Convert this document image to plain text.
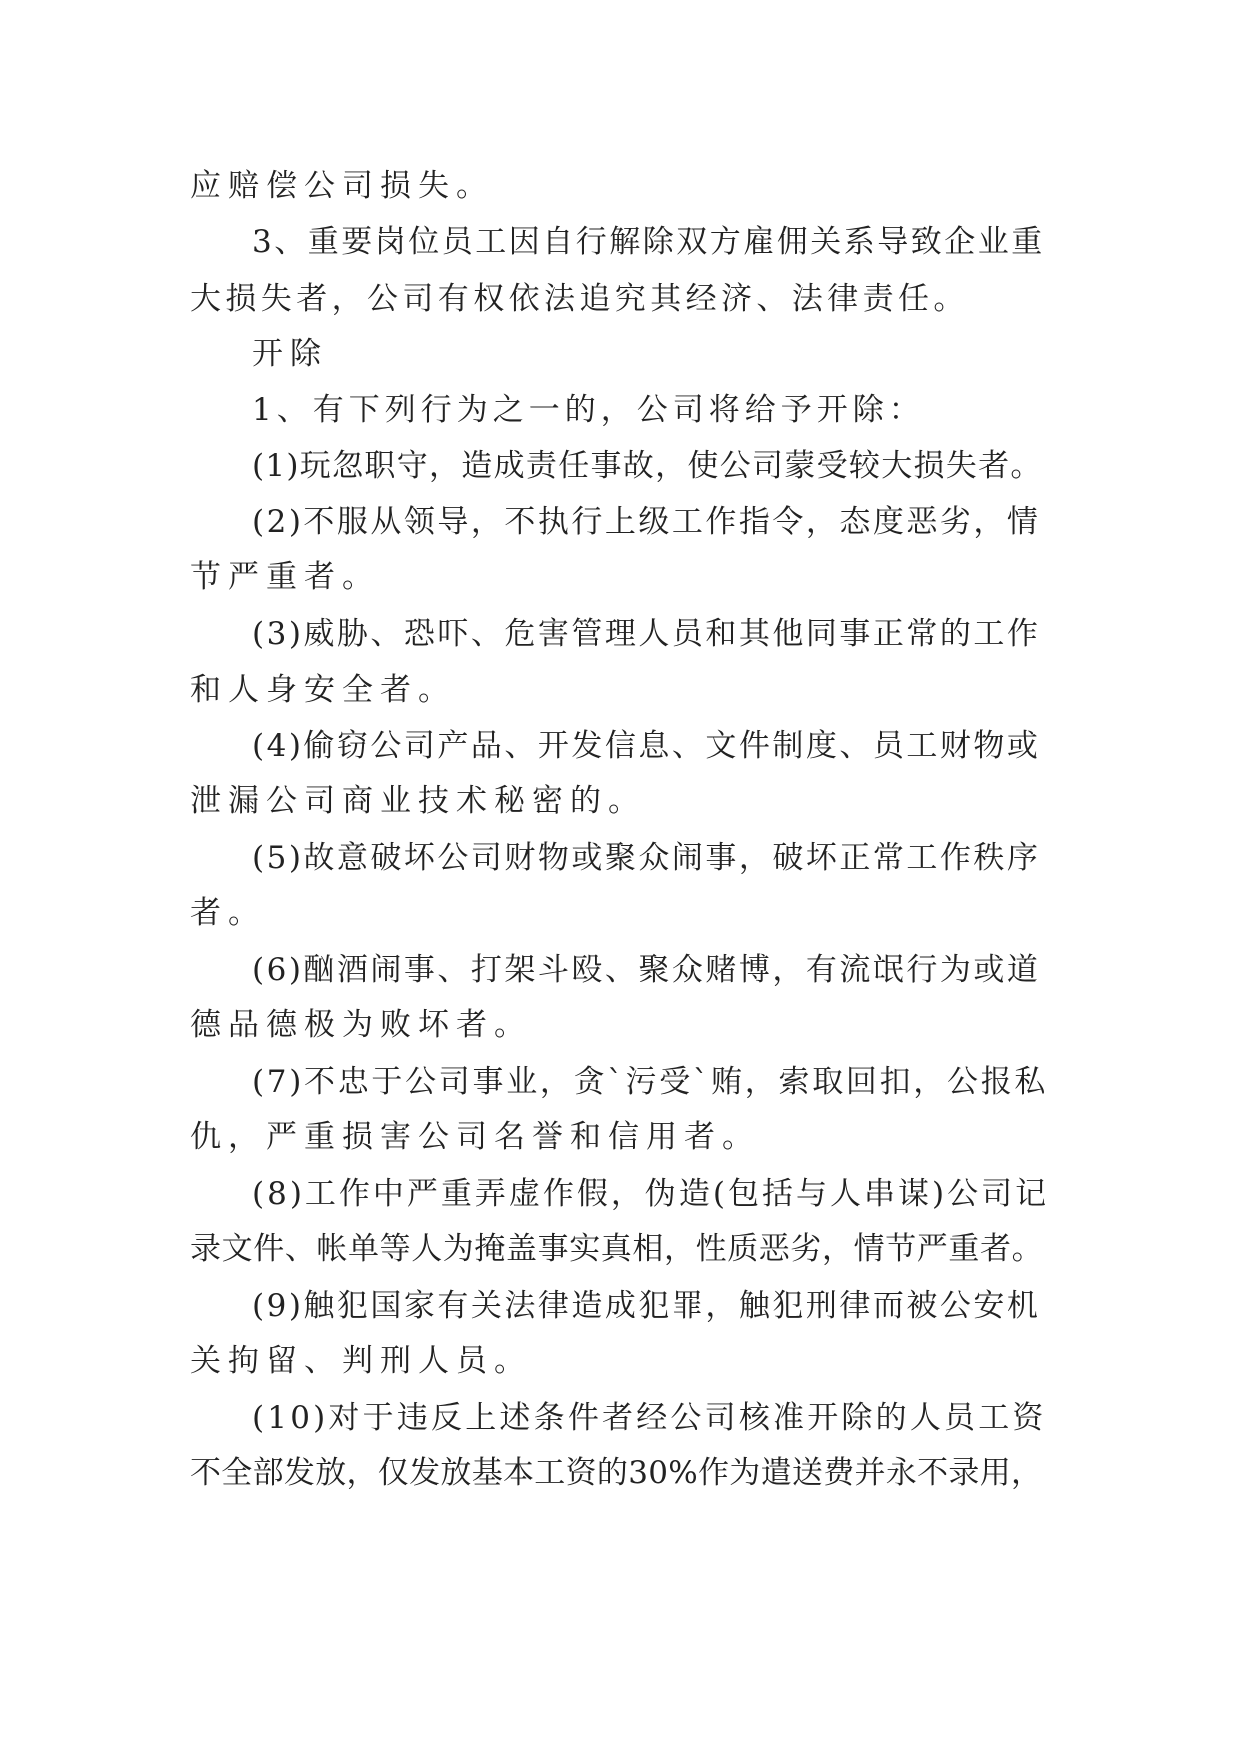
应赔偿公司损失。
3、重要岗位员工因自行解除双方雇佣关系导致企业重
大损失者，公司有权依法追究其经济、法律责任。
开除
1、有下列行为之一的，公司将给予开除：
(1)玩忽职守，造成责任事故，使公司蒙受较大损失者。
(2)不服从领导，不执行上级工作指令，态度恶劣，情
节严重者。
(3)威胁、恐吓、危害管理人员和其他同事正常的工作
和人身安全者。
(4)偷窃公司产品、开发信息、文件制度、员工财物或
泄漏公司商业技术秘密的。
(5)故意破坏公司财物或聚众闹事，破坏正常工作秩序
者。
(6)酗酒闹事、打架斗殴、聚众赌博，有流氓行为或道
德品德极为败坏者。
(7)不忠于公司事业，贪`污受`贿，索取回扣，公报私
仇，严重损害公司名誉和信用者。
(8)工作中严重弄虚作假，伪造(包括与人串谋)公司记
录文件、帐单等人为掩盖事实真相，性质恶劣，情节严重者。
(9)触犯国家有关法律造成犯罪，触犯刑律而被公安机
关拘留、判刑人员。
(10)对于违反上述条件者经公司核准开除的人员工资
不全部发放，仅发放基本工资的30%作为遣送费并永不录用，
